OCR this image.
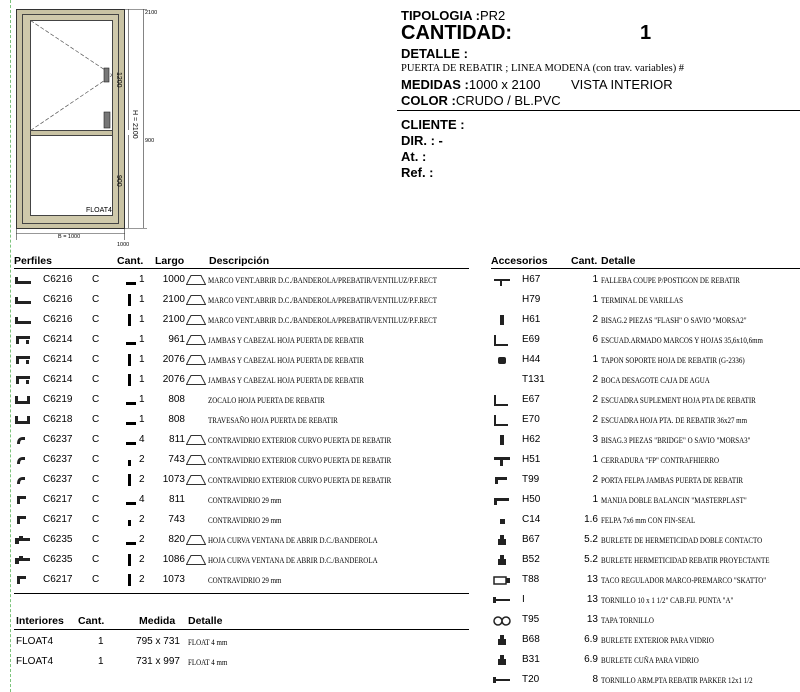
2100
1200
H = 2100
900
900
FLOAT4
B = 1000
1000
TIPOLOGIA :PR2
CANTIDAD:	1
DETALLE :
PUERTA DE REBATIR ; LINEA MODENA (con trav. variables) #
MEDIDAS :1000 x 2100 VISTA INTERIOR
COLOR :CRUDO / BL.PVC
CLIENTE :
DIR. : -
At. :
Ref. :
Perfiles	Cant. Largo Descripción
C6216 C	1	1000	MARCO VENT.ABRIR D.C./BANDEROLA/PREBATIR/VENTILUZ/P.F.RECT
C6216 C	1	2100	MARCO VENT.ABRIR D.C./BANDEROLA/PREBATIR/VENTILUZ/P.F.RECT
C6216 C	1	2100	MARCO VENT.ABRIR D.C./BANDEROLA/PREBATIR/VENTILUZ/P.F.RECT
C6214 C	1	961	JAMBAS Y CABEZAL HOJA PUERTA DE REBATIR
C6214 C	1	2076	JAMBAS Y CABEZAL HOJA PUERTA DE REBATIR
C6214 C	1	2076	JAMBAS Y CABEZAL HOJA PUERTA DE REBATIR
C6219 C	1	808	ZOCALO HOJA PUERTA DE REBATIR
C6218 C	1	808	TRAVESAÑO HOJA PUERTA DE REBATIR
C6237 C	4	811	CONTRAVIDRIO EXTERIOR CURVO PUERTA DE REBATIR
C6237 C	2	743	CONTRAVIDRIO EXTERIOR CURVO PUERTA DE REBATIR
C6237 C	2	1073	CONTRAVIDRIO EXTERIOR CURVO PUERTA DE REBATIR
C6217 C	4	811	CONTRAVIDRIO 29 mm
C6217 C	2	743	CONTRAVIDRIO 29 mm
C6235 C	2	820	HOJA CURVA VENTANA DE ABRIR D.C./BANDEROLA
C6235 C	2	1086	HOJA CURVA VENTANA DE ABRIR D.C./BANDEROLA
C6217 C	2	1073	CONTRAVIDRIO 29 mm
Interiores Cant.	Medida Detalle
FLOAT4	1	795 x 731 FLOAT 4 mm
FLOAT4	1	731 x 997 FLOAT 4 mm
Accesorios Cant. Detalle
H67	1 FALLEBA COUPE P/POSTIGON DE REBATIR
H79	1 TERMINAL DE VARILLAS
H61	2 BISAG.2 PIEZAS "FLASH" O SAVIO "MORSA2"
E69	6 ESCUAD.ARMADO MARCOS Y HOJAS 35,6x10,6mm
H44	1 TAPON SOPORTE HOJA DE REBATIR (G-2336)
T131	2 BOCA DESAGOTE CAJA DE AGUA
E67	2 ESCUADRA SUPLEMENT HOJA PTA DE REBATIR
E70	2 ESCUADRA HOJA PTA. DE REBATIR 36x27 mm
H62	3 BISAG.3 PIEZAS "BRIDGE" O SAVIO "MORSA3"
H51	1 CERRADURA "FP" CONTRAFHIERRO
T99	2 PORTA FELPA JAMBAS PUERTA DE REBATIR
H50	1 MANIJA DOBLE BALANCIN "MASTERPLAST"
C14	1.6 FELPA 7x6 mm CON FIN-SEAL
B67	5.2 BURLETE DE HERMETICIDAD DOBLE CONTACTO
B52	5.2 BURLETE HERMETICIDAD REBATIR PROYECTANTE
T88	13 TACO REGULADOR MARCO-PREMARCO "SKATTO"
I	13 TORNILLO 10 x 1 1/2" CAB.FIJ. PUNTA "A"
T95	13 TAPA TORNILLO
B68	6.9 BURLETE EXTERIOR PARA VIDRIO
B31	6.9 BURLETE CUÑA PARA VIDRIO
T20	8 TORNILLO ARM.PTA REBATIR PARKER 12x1 1/2
